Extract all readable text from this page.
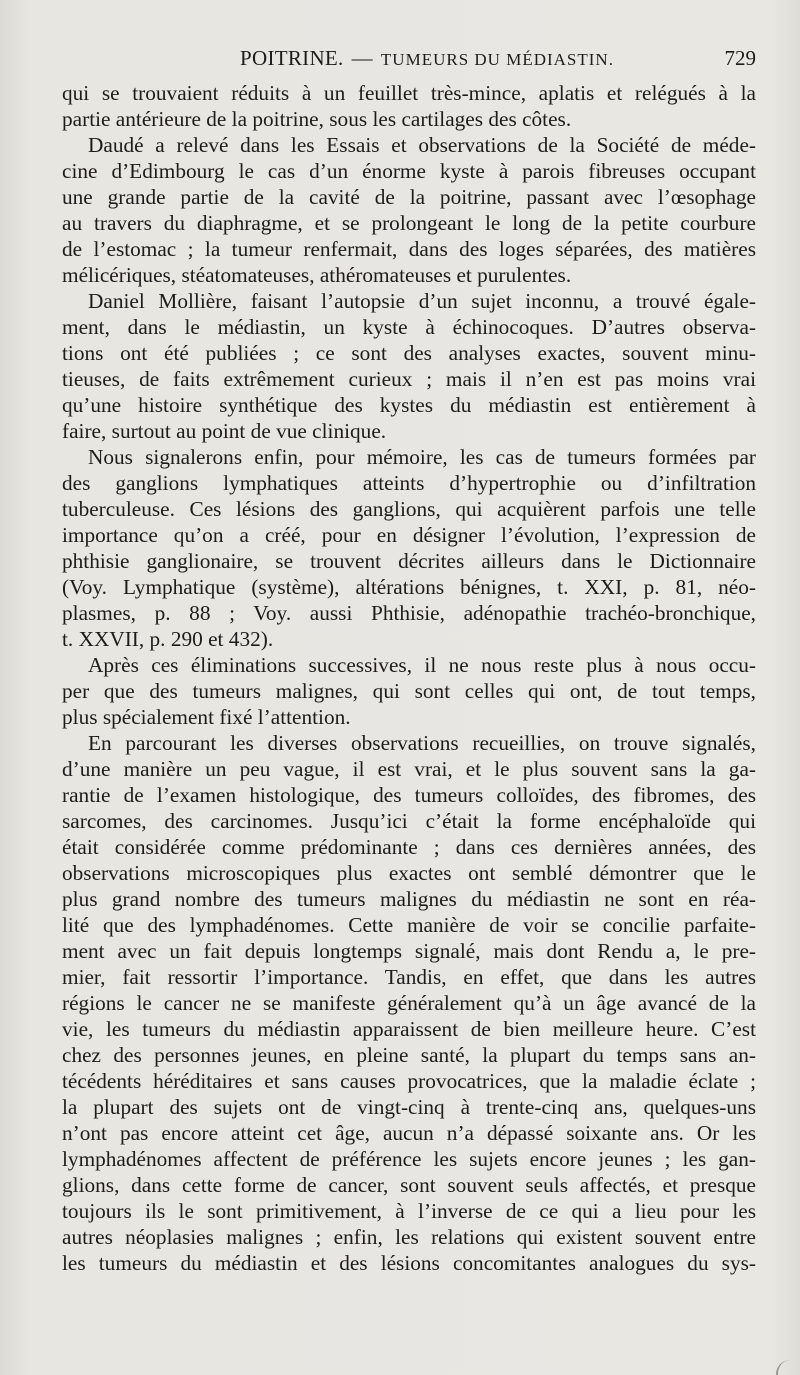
POITRINE. — TUMEURS DU MÉDIASTIN.	729
qui se trouvaient réduits à un feuillet très-mince, aplatis et relégués à la
partie antérieure de la poitrine, sous les cartilages des côtes.
Daudé a relevé dans les Essais et observations de la Société de méde-
cine d’Edimbourg le cas d’un énorme kyste à parois fibreuses occupant
une grande partie de la cavité de la poitrine, passant avec l’œsophage
au travers du diaphragme, et se prolongeant le long de la petite courbure
de l’estomac ; la tumeur renfermait, dans des loges séparées, des matières
mélicériques, stéatomateuses, athéromateuses et purulentes.
Daniel Mollière, faisant l’autopsie d’un sujet inconnu, a trouvé égale-
ment, dans le médiastin, un kyste à échinocoques. D’autres observa-
tions ont été publiées ; ce sont des analyses exactes, souvent minu-
tieuses, de faits extrêmement curieux ; mais il n’en est pas moins vrai
qu’une histoire synthétique des kystes du médiastin est entièrement à
faire, surtout au point de vue clinique.
Nous signalerons enfin, pour mémoire, les cas de tumeurs formées par
des ganglions lymphatiques atteints d’hypertrophie ou d’infiltration
tuberculeuse. Ces lésions des ganglions, qui acquièrent parfois une telle
importance qu’on a créé, pour en désigner l’évolution, l’expression de
phthisie ganglionaire, se trouvent décrites ailleurs dans le Dictionnaire
(Voy. Lymphatique (système), altérations bénignes, t. XXI, p. 81, néo-
plasmes, p. 88 ; Voy. aussi Phthisie, adénopathie trachéo-bronchique,
t. XXVII, p. 290 et 432).
Après ces éliminations successives, il ne nous reste plus à nous occu-
per que des tumeurs malignes, qui sont celles qui ont, de tout temps,
plus spécialement fixé l’attention.
En parcourant les diverses observations recueillies, on trouve signalés,
d’une manière un peu vague, il est vrai, et le plus souvent sans la ga-
rantie de l’examen histologique, des tumeurs colloïdes, des fibromes, des
sarcomes, des carcinomes. Jusqu’ici c’était la forme encéphaloïde qui
était considérée comme prédominante ; dans ces dernières années, des
observations microscopiques plus exactes ont semblé démontrer que le
plus grand nombre des tumeurs malignes du médiastin ne sont en réa-
lité que des lymphadénomes. Cette manière de voir se concilie parfaite-
ment avec un fait depuis longtemps signalé, mais dont Rendu a, le pre-
mier, fait ressortir l’importance. Tandis, en effet, que dans les autres
régions le cancer ne se manifeste généralement qu’à un âge avancé de la
vie, les tumeurs du médiastin apparaissent de bien meilleure heure. C’est
chez des personnes jeunes, en pleine santé, la plupart du temps sans an-
técédents héréditaires et sans causes provocatrices, que la maladie éclate ;
la plupart des sujets ont de vingt-cinq à trente-cinq ans, quelques-uns
n’ont pas encore atteint cet âge, aucun n’a dépassé soixante ans. Or les
lymphadénomes affectent de préférence les sujets encore jeunes ; les gan-
glions, dans cette forme de cancer, sont souvent seuls affectés, et presque
toujours ils le sont primitivement, à l’inverse de ce qui a lieu pour les
autres néoplasies malignes ; enfin, les relations qui existent souvent entre
les tumeurs du médiastin et des lésions concomitantes analogues du sys-
